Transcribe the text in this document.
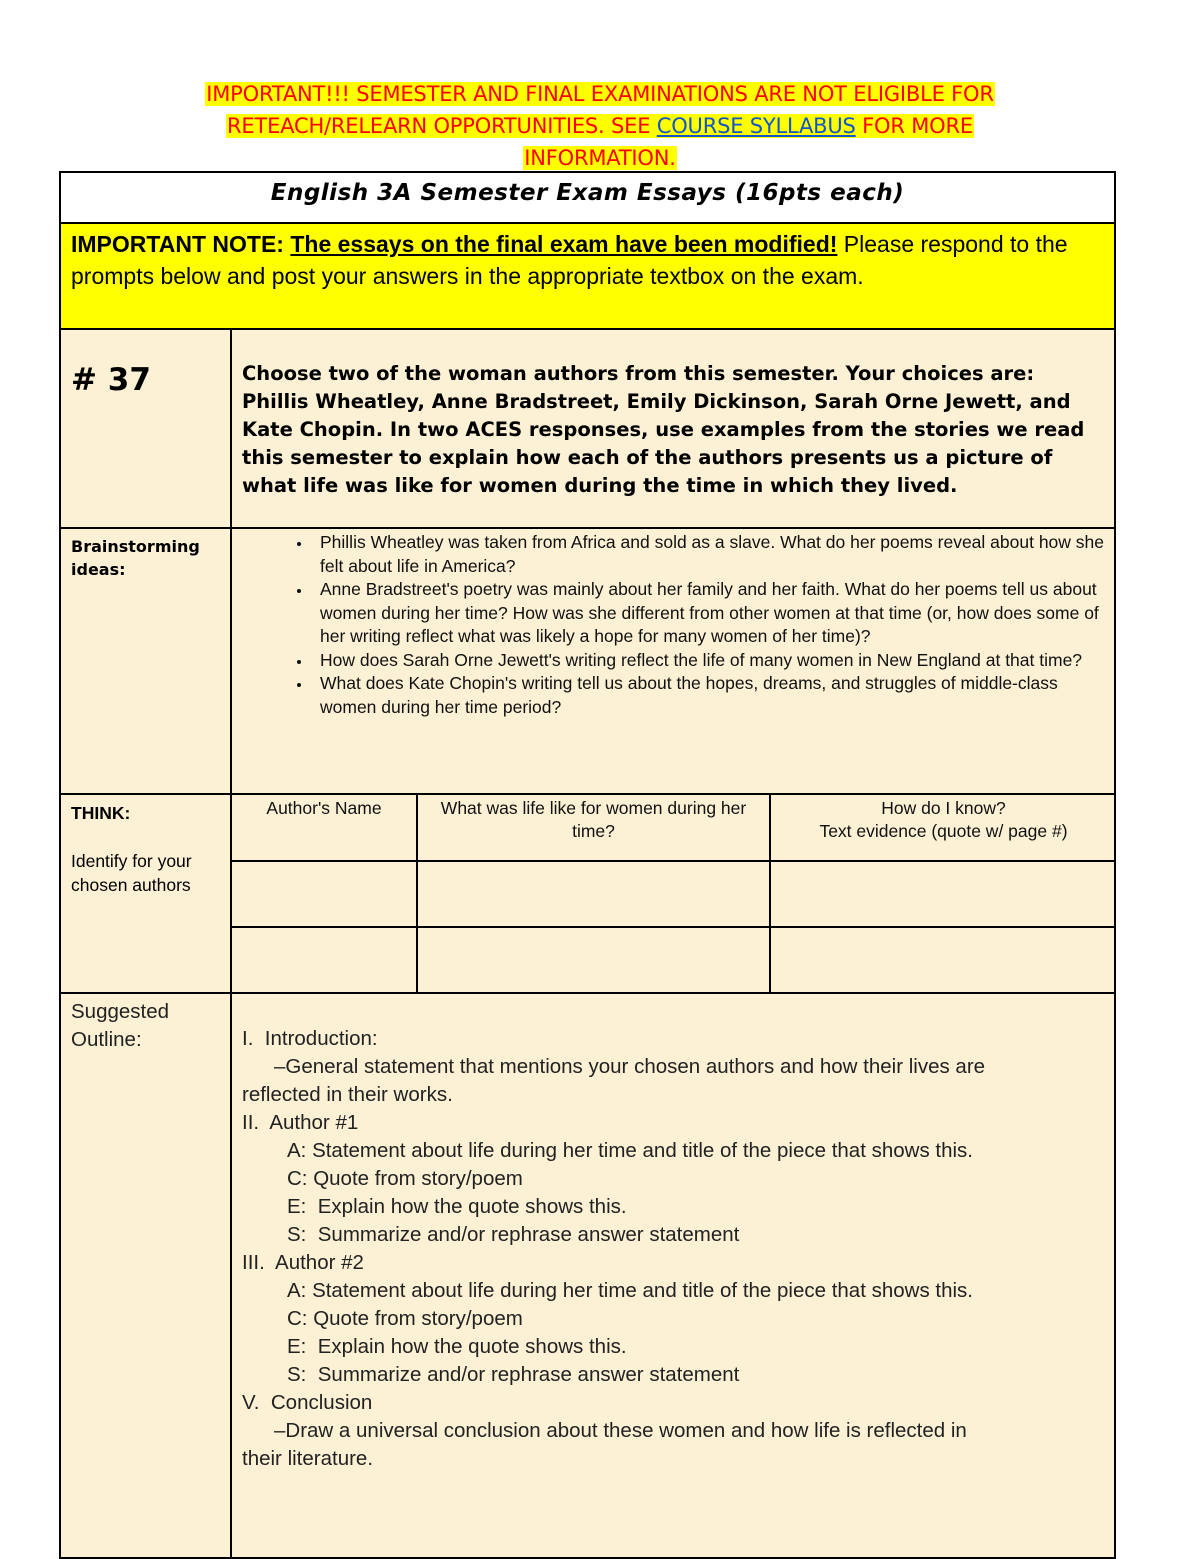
IMPORTANT!!! SEMESTER AND FINAL EXAMINATIONS ARE NOT ELIGIBLE FOR
RETEACH/RELEARN OPPORTUNITIES. SEE COURSE SYLLABUS FOR MORE
INFORMATION.
English 3A Semester Exam Essays (16pts each)
IMPORTANT NOTE: The essays on the final exam have been modified! Please respond to the prompts below and post your answers in the appropriate textbox on the exam.
# 37	Choose two of the woman authors from this semester. Your choices are: Phillis Wheatley, Anne Bradstreet, Emily Dickinson, Sarah Orne Jewett, and Kate Chopin. In two ACES responses, use examples from the stories we read this semester to explain how each of the authors presents us a picture of what life was like for women during the time in which they lived.
Brainstorming ideas:	
• Phillis Wheatley was taken from Africa and sold as a slave. What do her poems reveal about how she felt about life in America?
• Anne Bradstreet's poetry was mainly about her family and her faith. What do her poems tell us about women during her time? How was she different from other women at that time (or, how does some of her writing reflect what was likely a hope for many women of her time)?
• How does Sarah Orne Jewett's writing reflect the life of many women in New England at that time?
• What does Kate Chopin's writing tell us about the hopes, dreams, and struggles of middle-class women during her time period?

THINK:
Identify for your chosen authors	
Author's Name	What was life like for women during her time?	How do I know?
Text evidence (quote w/ page #)

Suggested Outline:	I.  Introduction:
–General statement that mentions your chosen authors and how their lives are
reflected in their works.
II.  Author #1
A: Statement about life during her time and title of the piece that shows this.
C: Quote from story/poem
E:  Explain how the quote shows this.
S:  Summarize and/or rephrase answer statement
III.  Author #2
A: Statement about life during her time and title of the piece that shows this.
C: Quote from story/poem
E:  Explain how the quote shows this.
S:  Summarize and/or rephrase answer statement
V.  Conclusion
–Draw a universal conclusion about these women and how life is reflected in
their literature.
